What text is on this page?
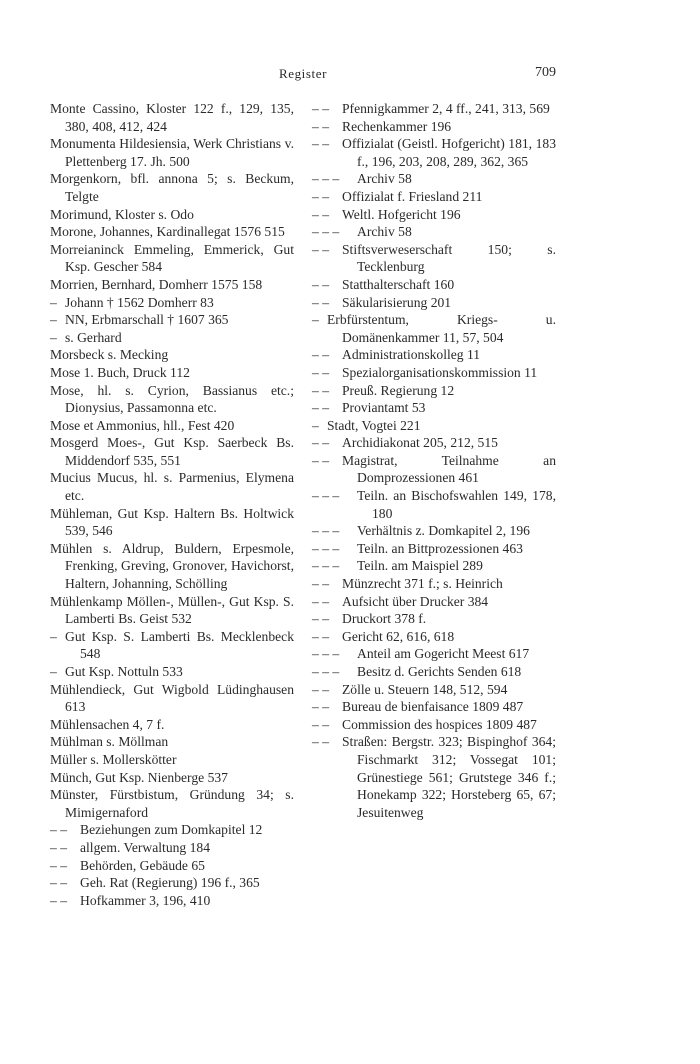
Register	709
Monte Cassino, Kloster 122 f., 129, 135, 380, 408, 412, 424
Monumenta Hildesiensia, Werk Christians v. Plettenberg 17. Jh. 500
Morgenkorn, bfl. annona 5; s. Beckum, Telgte
Morimund, Kloster s. Odo
Morone, Johannes, Kardinallegat 1576 515
Morreianinck Emmeling, Emmerick, Gut Ksp. Gescher 584
Morrien, Bernhard, Domherr 1575 158
– Johann † 1562 Domherr 83
– NN, Erbmarschall † 1607 365
– s. Gerhard
Morsbeck s. Mecking
Mose 1. Buch, Druck 112
Mose, hl. s. Cyrion, Bassianus etc.; Dionysius, Passamonna etc.
Mose et Ammonius, hll., Fest 420
Mosgerd Moes-, Gut Ksp. Saerbeck Bs. Middendorf 535, 551
Mucius Mucus, hl. s. Parmenius, Elymena etc.
Mühleman, Gut Ksp. Haltern Bs. Holtwick 539, 546
Mühlen s. Aldrup, Buldern, Erpesmole, Frenking, Greving, Gronover, Havichorst, Haltern, Johanning, Schölling
Mühlenkamp Möllen-, Müllen-, Gut Ksp. S. Lamberti Bs. Geist 532
– Gut Ksp. S. Lamberti Bs. Mecklenbeck 548
– Gut Ksp. Nottuln 533
Mühlendieck, Gut Wigbold Lüdinghausen 613
Mühlensachen 4, 7 f.
Mühlman s. Möllman
Müller s. Mollerskötter
Münch, Gut Ksp. Nienberge 537
Münster, Fürstbistum, Gründung 34; s. Mimigernaford
– – Beziehungen zum Domkapitel 12
– – allgem. Verwaltung 184
– – Behörden, Gebäude 65
– – Geh. Rat (Regierung) 196 f., 365
– – Hofkammer 3, 196, 410
– – Pfennigkammer 2, 4 ff., 241, 313, 569
– – Rechenkammer 196
– – Offizialat (Geistl. Hofgericht) 181, 183 f., 196, 203, 208, 289, 362, 365
– – –	Archiv 58
– – Offizialat f. Friesland 211
– – Weltl. Hofgericht 196
– – –	Archiv 58
– – Stiftsverweserschaft 150; s. Tecklenburg
– – Statthalterschaft 160
– – Säkularisierung 201
– Erbfürstentum, Kriegs- u. Domänenkammer 11, 57, 504
– – Administrationskolleg 11
– – Spezialorganisationskommission 11
– – Preuß. Regierung 12
– – Proviantamt 53
– Stadt, Vogtei 221
– – Archidiakonat 205, 212, 515
– – Magistrat, Teilnahme an Domprozessionen 461
– – –	Teiln. an Bischofswahlen 149, 178, 180
– – –	Verhältnis z. Domkapitel 2, 196
– – –	Teiln. an Bittprozessionen 463
– – –	Teiln. am Maispiel 289
– – Münzrecht 371 f.; s. Heinrich
– – Aufsicht über Drucker 384
– – Druckort 378 f.
– – Gericht 62, 616, 618
– – –	Anteil am Gogericht Meest 617
– – –	Besitz d. Gerichts Senden 618
– – Zölle u. Steuern 148, 512, 594
– – Bureau de bienfaisance 1809 487
– – Commission des hospices 1809 487
– – Straßen: Bergstr. 323; Bispinghof 364; Fischmarkt 312; Vossegat 101; Grünestiege 561; Grutstege 346 f.; Honekamp 322; Horsteberg 65, 67; Jesuitenweg
